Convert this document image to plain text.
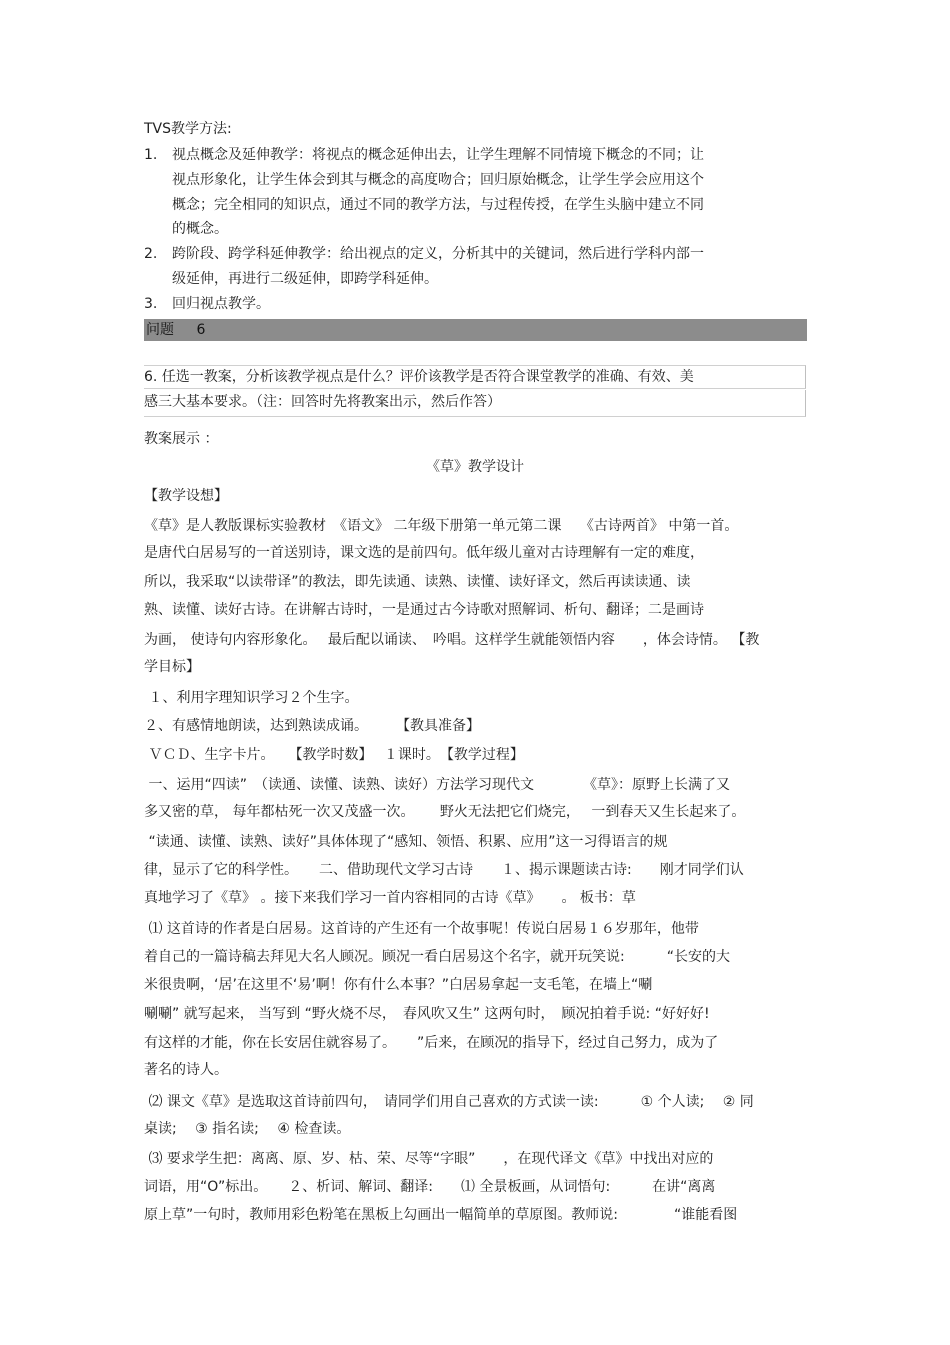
TVS教学方法:
1. 视点概念及延伸教学：将视点的概念延伸出去，让学生理解不同情境下概念的不同；让
视点形象化，让学生体会到其与概念的高度吻合；回归原始概念，让学生学会应用这个
概念；完全相同的知识点，通过不同的教学方法，与过程传授，在学生头脑中建立不同
的概念。
2. 跨阶段、跨学科延伸教学：给出视点的定义，分析其中的关键词，然后进行学科内部一
级延伸，再进行二级延伸，即跨学科延伸。
3. 回归视点教学。
问题 6
6. 任选一教案，分析该教学视点是什么？评价该教学是否符合课堂教学的准确、有效、美
感三大基本要求。（注：回答时先将教案出示，然后作答）
教案展示 ：
《草》教学设计
【教学设想】
《草》是人教版课标实验教材　《语文》 二年级下册第一单元第二课　 《古诗两首》 中第一首。
是唐代白居易写的一首送别诗，课文选的是前四句。低年级儿童对古诗理解有一定的难度，
所以，我采取“以读带译”的教法，即先读通、读熟、读懂、读好译文，然后再读读通、读
熟、读懂、读好古诗。在讲解古诗时，一是通过古今诗歌对照解词、析句、翻译；二是画诗
为画， 使诗句内容形象化。　 最后配以诵读、　吟唱。这样学生就能领悟内容　　，体会诗情。 【教
学目标】
１、利用字理知识学习２个生字。
２、有感情地朗读，达到熟读成诵。　　　【教具准备】
ＶＣＤ、生字卡片。　　【教学时数】　 １课时。　【教学过程】
一、运用“四读”　（读通、读懂、读熟、读好）方法学习现代文　　　　《草》：原野上长满了又
多又密的草， 每年都枯死一次又茂盛一次。　　 野火无法把它们烧完，　 一到春天又生长起来了。
“读通、读懂、读熟、读好”具体体现了“感知、领悟、积累、应用”这一习得语言的规
律，显示了它的科学性。　　二、借助现代文学习古诗　　１、揭示课题读古诗:　　刚才同学们认
真地学习了《草》 。接下来我们学习一首内容相同的古诗《草》　　。 板书：草
⑴ 这首诗的作者是白居易。这首诗的产生还有一个故事呢！传说白居易１６岁那年，他带
着自己的一篇诗稿去拜见大名人顾况。顾况一看白居易这个名字，就开玩笑说:　　　“长安的大
米很贵啊，‘居’在这里不‘易’啊！你有什么本事？”白居易拿起一支毛笔，在墙上“唰
唰唰” 就写起来， 当写到 “野火烧不尽，　春风吹又生” 这两句时，　顾况拍着手说: “好好好!
有这样的才能，你在长安居住就容易了。　　”后来，在顾况的指导下，经过自己努力，成为了
著名的诗人。
⑵ 课文《草》是选取这首诗前四句，　请同学们用自己喜欢的方式读一读:　　　① 个人读;　 ② 同
桌读;　 ③ 指名读;　 ④ 检查读。
⑶ 要求学生把：离离、原、岁、枯、荣、尽等“字眼”　　，在现代译文《草》中找出对应的
词语，用“O”标出。　　２、析词、解词、翻译:　　⑴ 全景板画，从词悟句:　　　在讲“离离
原上草”一句时，教师用彩色粉笔在黑板上勾画出一幅简单的草原图。教师说:　　　　“谁能看图
